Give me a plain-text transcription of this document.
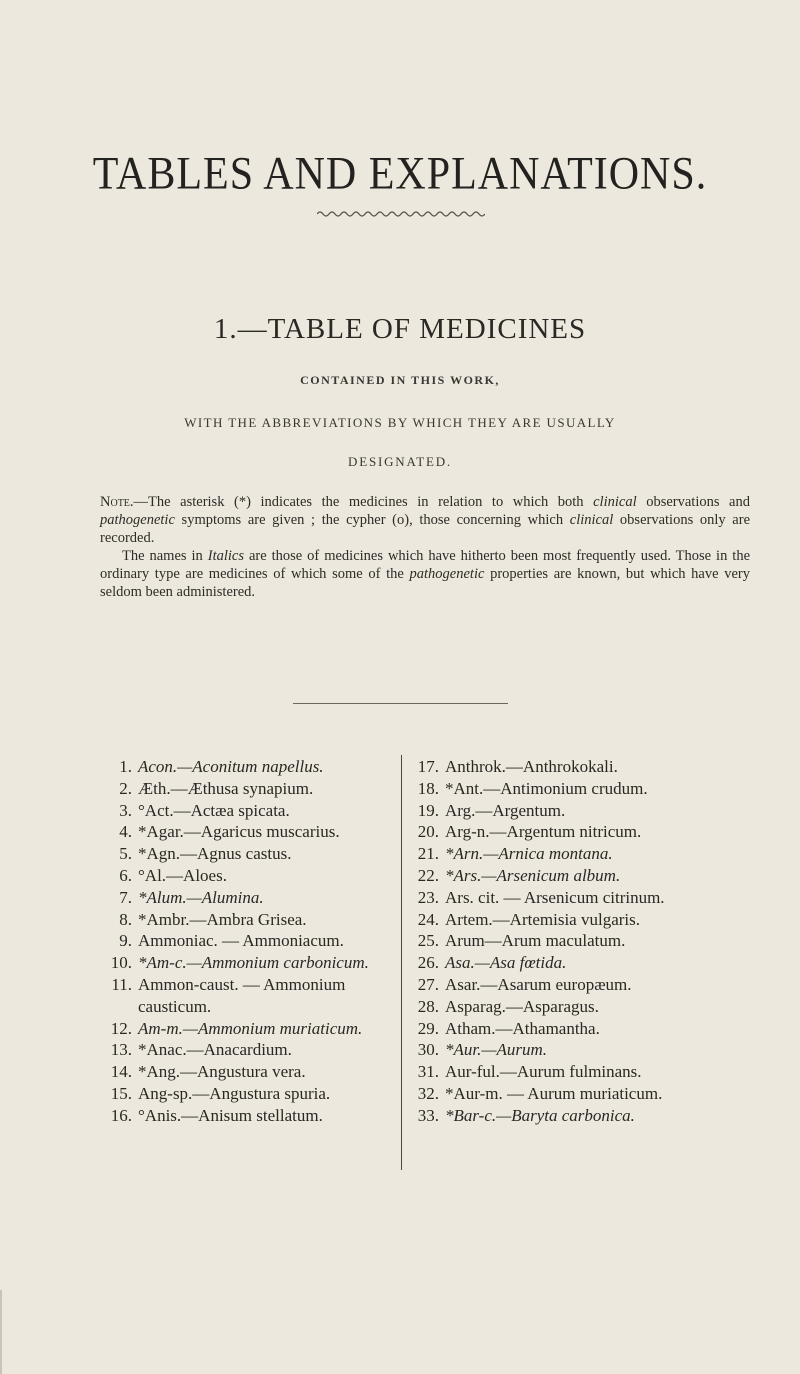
TABLES AND EXPLANATIONS.
1.—TABLE OF MEDICINES
CONTAINED IN THIS WORK,
WITH THE ABBREVIATIONS BY WHICH THEY ARE USUALLY
DESIGNATED.

Note.—The asterisk (*) indicates the medicines in relation to which both clinical observations and pathogenetic symptoms are given ; the cypher (o), those concerning which clinical observations only are recorded.

The names in Italics are those of medicines which have hitherto been most frequently used. Those in the ordinary type are medicines of which some of the pathogenetic properties are known, but which have very seldom been administered.

1. Acon.—Aconitum napellus.
2. Æth.—Æthusa synapium.
3. °Act.—Actæa spicata.
4. *Agar.—Agaricus muscarius.
5. *Agn.—Agnus castus.
6. °Al.—Aloes.
7. *Alum.—Alumina.
8. *Ambr.—Ambra Grisea.
9. Ammoniac. — Ammoniacum.
10. *Am-c.—Ammonium carbonicum.
11. Ammon-caust. — Ammonium causticum.
12. Am-m.—Ammonium muriaticum.
13. *Anac.—Anacardium.
14. *Ang.—Angustura vera.
15. Ang-sp.—Angustura spuria.
16. °Anis.—Anisum stellatum.
17. Anthrok.—Anthrokokali.
18. *Ant.—Antimonium crudum.
19. Arg.—Argentum.
20. Arg-n.—Argentum nitricum.
21. *Arn.—Arnica montana.
22. *Ars.—Arsenicum album.
23. Ars. cit. — Arsenicum citrinum.
24. Artem.—Artemisia vulgaris.
25. Arum—Arum maculatum.
26. Asa.—Asa fœtida.
27. Asar.—Asarum europæum.
28. Asparag.—Asparagus.
29. Atham.—Athamantha.
30. *Aur.—Aurum.
31. Aur-ful.—Aurum fulminans.
32. *Aur-m. — Aurum muriaticum.
33. *Bar-c.—Baryta carbonica.
